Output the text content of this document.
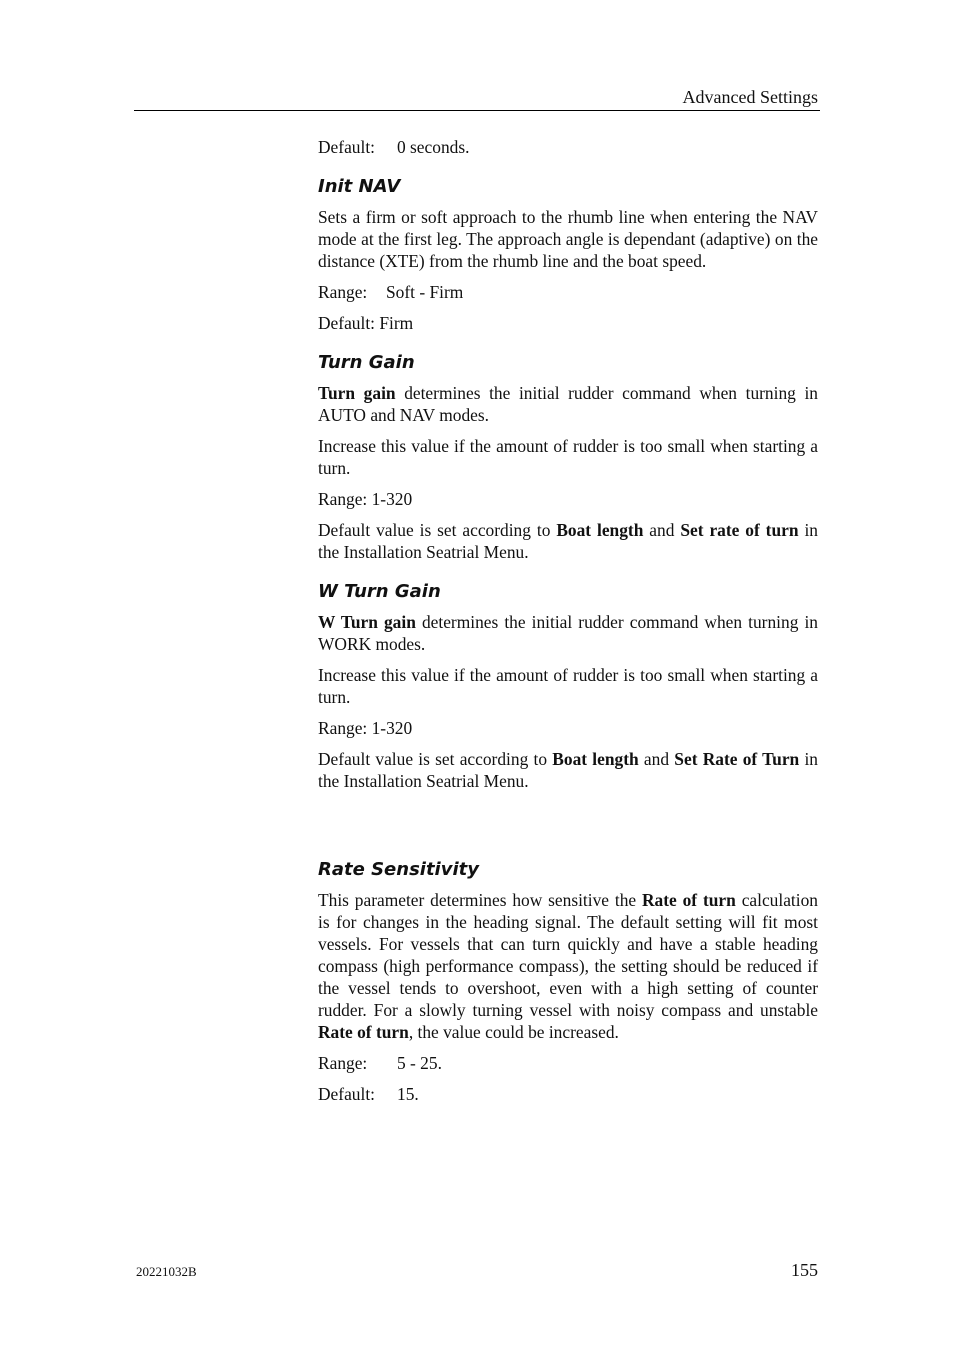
Advanced Settings
Default:	0 seconds.
Init NAV

Sets a firm or soft approach to the rhumb line when entering the NAV mode at the first leg. The approach angle is dependant (adaptive) on the distance (XTE) from the rhumb line and the boat speed.

Range:	Soft - Firm

Default: Firm

Turn Gain

Turn gain determines the initial rudder command when turning in AUTO and NAV modes.

Increase this value if the amount of rudder is too small when starting a turn.

Range: 1-320

Default value is set according to Boat length and Set rate of turn in the Installation Seatrial Menu.

W Turn Gain

W Turn gain determines the initial rudder command when turning in WORK modes.

Increase this value if the amount of rudder is too small when starting a turn.

Range: 1-320

Default value is set according to Boat length and Set Rate of Turn in the Installation Seatrial Menu.

Rate Sensitivity

This parameter determines how sensitive the Rate of turn calculation is for changes in the heading signal. The default setting will fit most vessels. For vessels that can turn quickly and have a stable heading compass (high performance compass), the setting should be reduced if the vessel tends to overshoot, even with a high setting of counter rudder. For a slowly turning vessel with noisy compass and unstable Rate of turn, the value could be increased.

Range:	5 - 25.
Default:	15.
20221032B	155
